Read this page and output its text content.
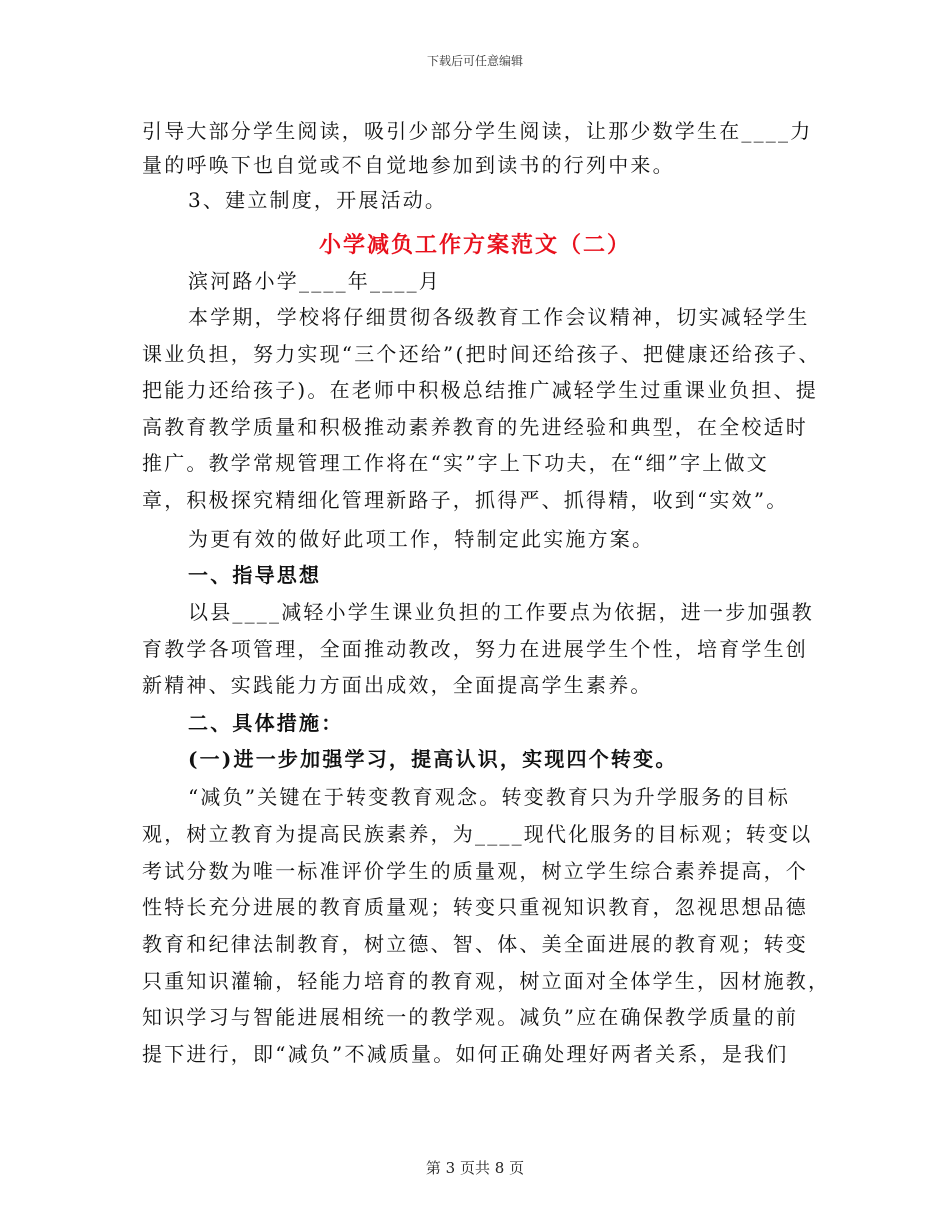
下载后可任意编辑
引导大部分学生阅读，吸引少部分学生阅读，让那少数学生在____力
量的呼唤下也自觉或不自觉地参加到读书的行列中来。
3、建立制度，开展活动。
小学减负工作方案范文（二）
滨河路小学____年____月
本学期，学校将仔细贯彻各级教育工作会议精神，切实减轻学生
课业负担，努力实现“三个还给”(把时间还给孩子、把健康还给孩子、
把能力还给孩子)。在老师中积极总结推广减轻学生过重课业负担、提
高教育教学质量和积极推动素养教育的先进经验和典型，在全校适时
推广。教学常规管理工作将在“实”字上下功夫，在“细”字上做文
章，积极探究精细化管理新路子，抓得严、抓得精，收到“实效”。
为更有效的做好此项工作，特制定此实施方案。
一、指导思想
以县____减轻小学生课业负担的工作要点为依据，进一步加强教
育教学各项管理，全面推动教改，努力在进展学生个性，培育学生创
新精神、实践能力方面出成效，全面提高学生素养。
二、具体措施：
(一)进一步加强学习，提高认识，实现四个转变。
“减负”关键在于转变教育观念。转变教育只为升学服务的目标
观，树立教育为提高民族素养，为____现代化服务的目标观；转变以
考试分数为唯一标准评价学生的质量观，树立学生综合素养提高，个
性特长充分进展的教育质量观；转变只重视知识教育，忽视思想品德
教育和纪律法制教育，树立德、智、体、美全面进展的教育观；转变
只重知识灌输，轻能力培育的教育观，树立面对全体学生，因材施教，
知识学习与智能进展相统一的教学观。减负”应在确保教学质量的前
提下进行，即“减负”不减质量。如何正确处理好两者关系，是我们
第 3 页共 8 页
